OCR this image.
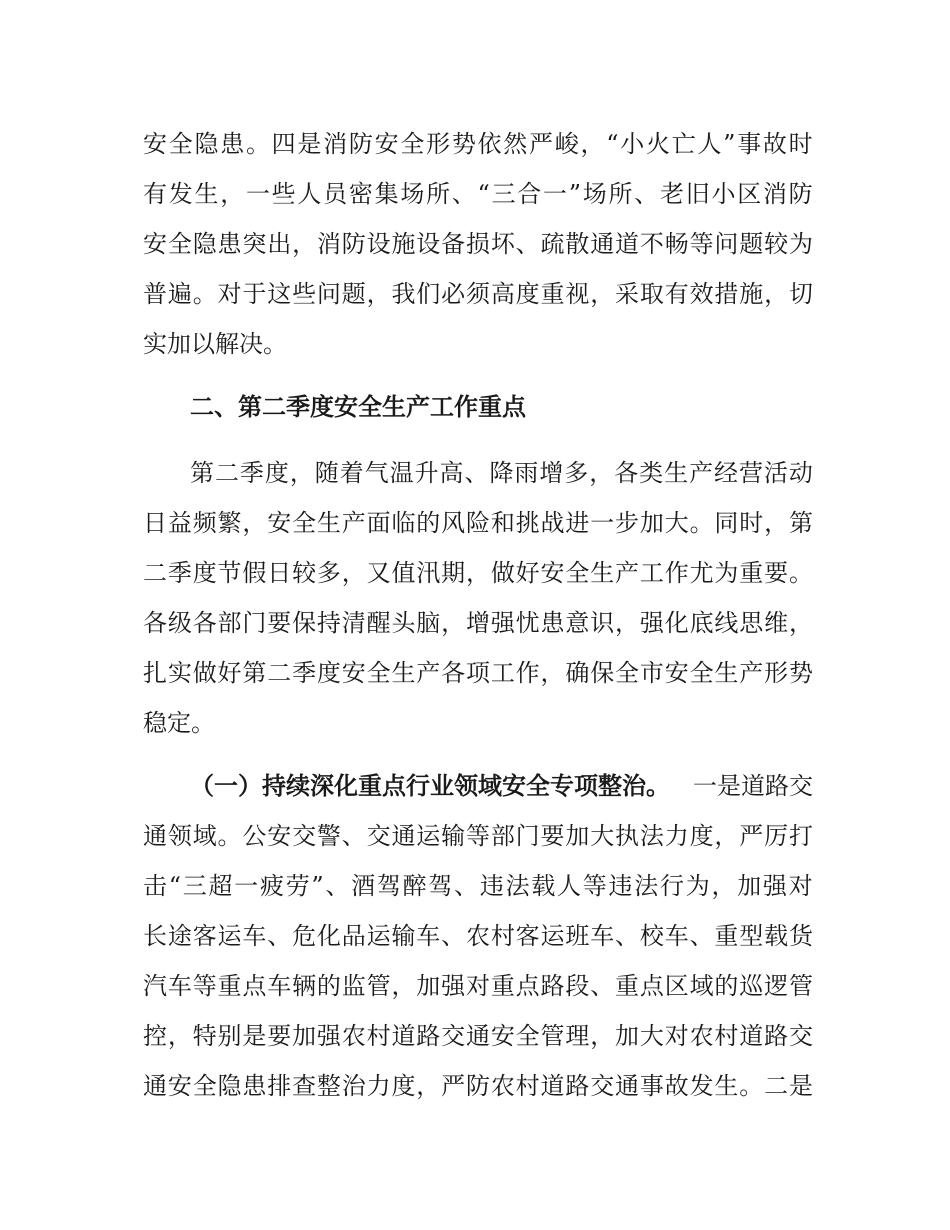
安 全 隐 患 。 四 是 消 防 安 全 形 势 依 然 严 峻 ， “ 小 火 亡 人 ” 事 故 时
有 发 生 ， 一 些 人 员 密 集 场 所 、 “ 三 合 一 ” 场 所 、 老 旧 小 区 消 防
安 全 隐 患 突 出 ， 消 防 设 施 设 备 损 坏 、 疏 散 通 道 不 畅 等 问 题 较 为
普 遍 。 对 于 这 些 问 题 ， 我 们 必 须 高 度 重 视 ， 采 取 有 效 措 施 ， 切
实加以解决。
二、第二季度安全生产工作重点
第 二 季 度 ， 随 着 气 温 升 高 、 降 雨 增 多 ， 各 类 生 产 经 营 活 动
日 益 频 繁 ， 安 全 生 产 面 临 的 风 险 和 挑 战 进 一 步 加 大 。 同 时 ， 第
二 季 度 节 假 日 较 多 ， 又 值 汛 期 ， 做 好 安 全 生 产 工 作 尤 为 重 要 。
各 级 各 部 门 要 保 持 清 醒 头 脑 ， 增 强 忧 患 意 识 ， 强 化 底 线 思 维 ，
扎 实 做 好 第 二 季 度 安 全 生 产 各 项 工 作 ， 确 保 全 市 安 全 生 产 形 势
稳定。
（一）持续深化重点行业领域安全专项整治。 一是道路交
通 领 域 。 公 安 交 警 、 交 通 运 输 等 部 门 要 加 大 执 法 力 度 ， 严 厉 打
击 “ 三 超 一 疲 劳 ” 、 酒 驾 醉 驾 、 违 法 载 人 等 违 法 行 为 ， 加 强 对
长 途 客 运 车 、 危 化 品 运 输 车 、 农 村 客 运 班 车 、 校 车 、 重 型 载 货
汽 车 等 重 点 车 辆 的 监 管 ， 加 强 对 重 点 路 段 、 重 点 区 域 的 巡 逻 管
控 ， 特 别 是 要 加 强 农 村 道 路 交 通 安 全 管 理 ， 加 大 对 农 村 道 路 交
通 安 全 隐 患 排 查 整 治 力 度 ， 严 防 农 村 道 路 交 通 事 故 发 生 。 二 是
